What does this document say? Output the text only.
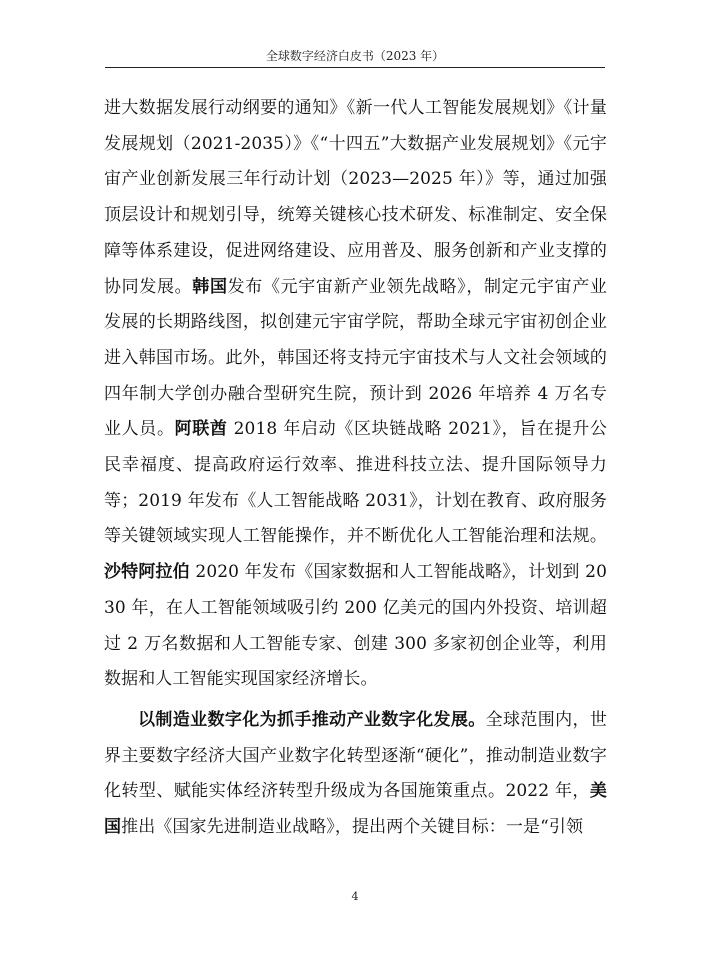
全球数字经济白皮书（2023 年）

进大数据发展行动纲要的通知》《新一代人工智能发展规划》《计量发展规划（2021-2035）》《“十四五”大数据产业发展规划》《元宇宙产业创新发展三年行动计划（2023—2025 年）》等，通过加强顶层设计和规划引导，统筹关键核心技术研发、标准制定、安全保障等体系建设，促进网络建设、应用普及、服务创新和产业支撑的协同发展。韩国发布《元宇宙新产业领先战略》，制定元宇宙产业发展的长期路线图，拟创建元宇宙学院，帮助全球元宇宙初创企业进入韩国市场。此外，韩国还将支持元宇宙技术与人文社会领域的四年制大学创办融合型研究生院，预计到 2026 年培养 4 万名专业人员。阿联酋 2018 年启动《区块链战略 2021》，旨在提升公民幸福度、提高政府运行效率、推进科技立法、提升国际领导力等；2019 年发布《人工智能战略 2031》，计划在教育、政府服务等关键领域实现人工智能操作，并不断优化人工智能治理和法规。沙特阿拉伯 2020 年发布《国家数据和人工智能战略》，计划到 2030 年，在人工智能领域吸引约 200 亿美元的国内外投资、培训超过 2 万名数据和人工智能专家、创建 300 多家初创企业等，利用数据和人工智能实现国家经济增长。

以制造业数字化为抓手推动产业数字化发展。全球范围内，世界主要数字经济大国产业数字化转型逐渐“硬化”，推动制造业数字化转型、赋能实体经济转型升级成为各国施策重点。2022 年，美国推出《国家先进制造业战略》，提出两个关键目标：一是“引领

4
